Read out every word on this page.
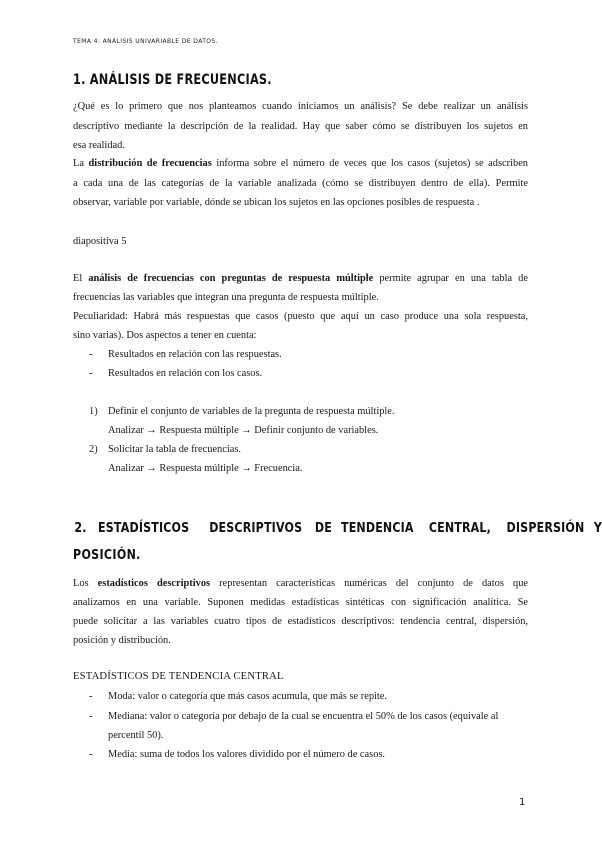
TEMA 4: ANÁLISIS UNIVARIABLE DE DATOS.
1. ANÁLISIS DE FRECUENCIAS.
¿Qué es lo primero que nos planteamos cuando iniciamos un análisis? Se debe realizar un análisis
descriptivo mediante la descripción de la realidad. Hay que saber cómo se distribuyen los sujetos en
esa realidad.
La distribución de frecuencias informa sobre el número de veces que los casos (sujetos) se adscriben
a cada una de las categorías de la variable analizada (cómo se distribuyen dentro de ella). Permite
observar, variable por variable, dónde se ubican los sujetos en las opciones posibles de respuesta .
diapositiva 5
El análisis de frecuencias con preguntas de respuesta múltiple permite agrupar en una tabla de
frecuencias las variables que integran una pregunta de respuesta múltiple.
Peculiaridad: Habrá más respuestas que casos (puesto que aquí un caso produce una sola respuesta,
sino varias). Dos aspectos a tener en cuenta:
- Resultados en relación con las respuestas.
- Resultados en relación con los casos.
1) Definir el conjunto de variables de la pregunta de respuesta múltiple.
Analizar → Respuesta múltiple → Definir conjunto de variables.
2) Solicitar la tabla de frecuencias.
Analizar → Respuesta múltiple → Frecuencia.
2. ESTADÍSTICOS DESCRIPTIVOS DE TENDENCIA CENTRAL, DISPERSIÓN Y
POSICIÓN.
Los estadísticos descriptivos representan características numéricas del conjunto de datos que
analizamos en una variable. Suponen medidas estadísticas sintéticas con significación analítica. Se
puede solicitar a las variables cuatro tipos de estadísticos descriptivos: tendencia central, dispersión,
posición y distribución.
ESTADÍSTICOS DE TENDENCIA CENTRAL
- Moda: valor o categoría que más casos acumula, que más se repite.
- Mediana: valor o categoría por debajo de la cual se encuentra el 50% de los casos (equivale al
percentil 50).
- Media: suma de todos los valores dividido por el número de casos.
1
